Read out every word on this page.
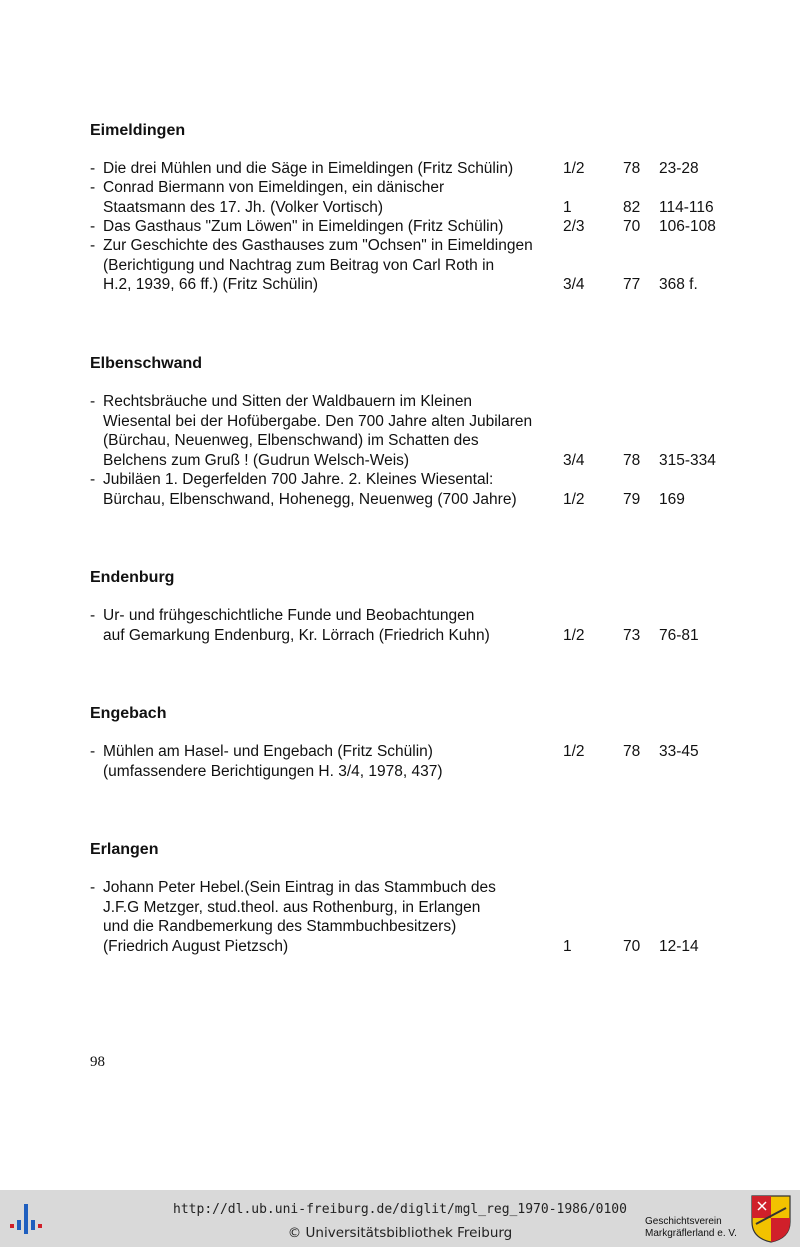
Eimeldingen
- Die drei Mühlen und die Säge in Eimeldingen (Fritz Schülin)	1/2 78 23-28
- Conrad Biermann von Eimeldingen, ein dänischer
Staatsmann des 17. Jh. (Volker Vortisch)	1	82 114-116
- Das Gasthaus "Zum Löwen" in Eimeldingen (Fritz Schülin)	2/3 70 106-108
- Zur Geschichte des Gasthauses zum "Ochsen" in Eimeldingen
(Berichtigung und Nachtrag zum Beitrag von Carl Roth in
H.2, 1939, 66 ff.) (Fritz Schülin)	3/4 77 368 f.
Elbenschwand
- Rechtsbräuche und Sitten der Waldbauern im Kleinen
Wiesental bei der Hofübergabe. Den 700 Jahre alten Jubilaren
(Bürchau, Neuenweg, Elbenschwand) im Schatten des
Belchens zum Gruß ! (Gudrun Welsch-Weis)	3/4 78 315-334
- Jubiläen 1. Degerfelden 700 Jahre. 2. Kleines Wiesental:
Bürchau, Elbenschwand, Hohenegg, Neuenweg (700 Jahre)	1/2 79 169
Endenburg
- Ur- und frühgeschichtliche Funde und Beobachtungen
auf Gemarkung Endenburg, Kr. Lörrach (Friedrich Kuhn)	1/2 73 76-81
Engebach
- Mühlen am Hasel- und Engebach (Fritz Schülin)	1/2 78 33-45
(umfassendere Berichtigungen H. 3/4, 1978, 437)
Erlangen
- Johann Peter Hebel.(Sein Eintrag in das Stammbuch des
J.F.G Metzger, stud.theol. aus Rothenburg, in Erlangen
und die Randbemerkung des Stammbuchbesitzers)
(Friedrich August Pietzsch)	1	70 12-14
98
http://dl.ub.uni-freiburg.de/diglit/mgl_reg_1970-1986/0100
© Universitätsbibliothek Freiburg
Geschichtsverein
Markgräflerland e. V.
